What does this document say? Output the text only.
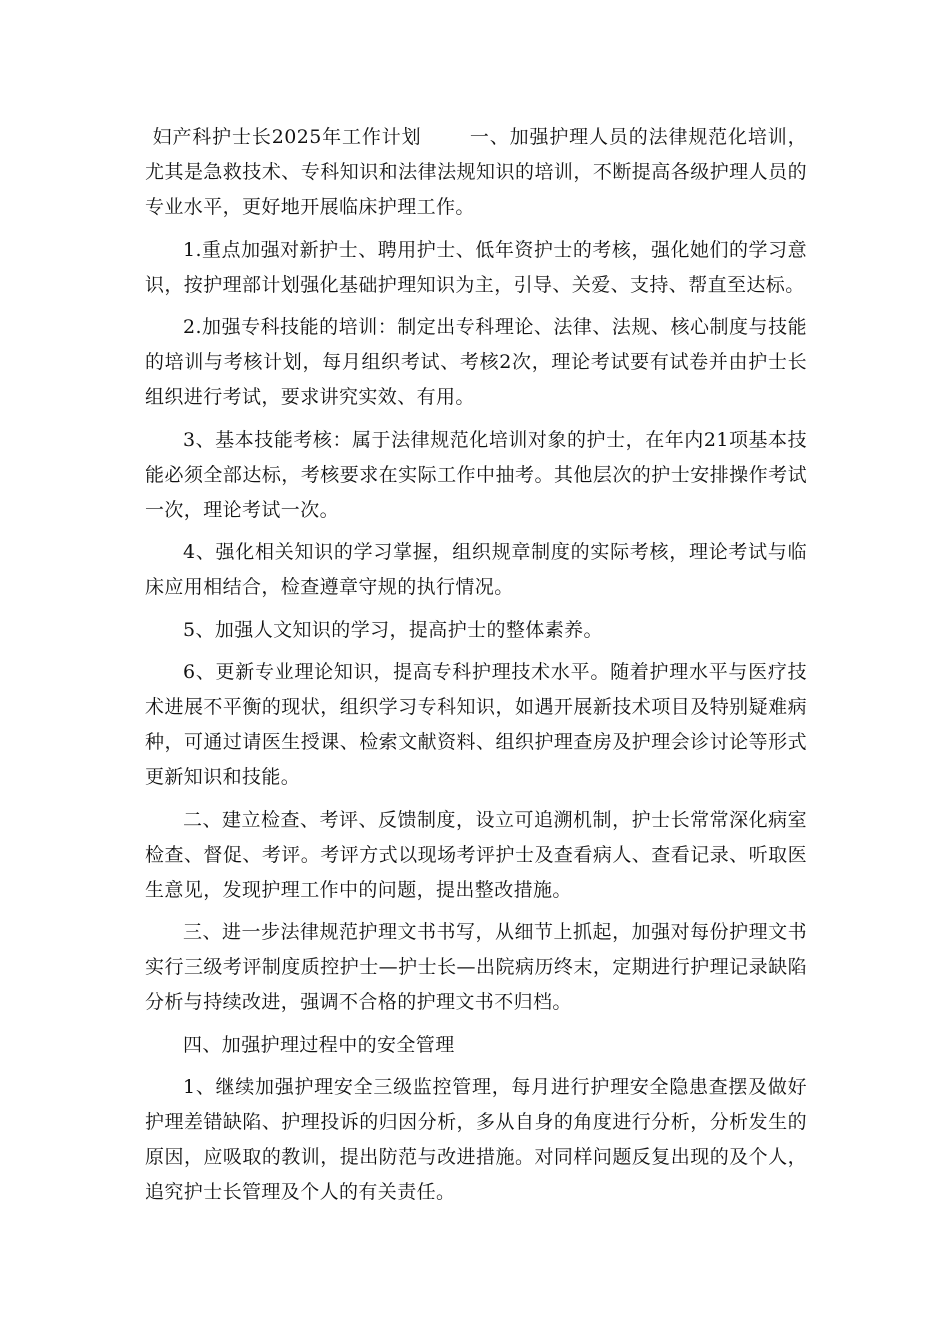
妇产科护士长2025年工作计划	一、加强护理人员的法律规范化培训，尤其是急救技术、专科知识和法律法规知识的培训，不断提高各级护理人员的专业水平，更好地开展临床护理工作。

1.重点加强对新护士、聘用护士、低年资护士的考核，强化她们的学习意识，按护理部计划强化基础护理知识为主，引导、关爱、支持、帮直至达标。

2.加强专科技能的培训：制定出专科理论、法律、法规、核心制度与技能的培训与考核计划，每月组织考试、考核2次，理论考试要有试卷并由护士长组织进行考试，要求讲究实效、有用。

3、基本技能考核：属于法律规范化培训对象的护士，在年内21项基本技能必须全部达标，考核要求在实际工作中抽考。其他层次的护士安排操作考试一次，理论考试一次。

4、强化相关知识的学习掌握，组织规章制度的实际考核，理论考试与临床应用相结合，检查遵章守规的执行情况。

5、加强人文知识的学习，提高护士的整体素养。

6、更新专业理论知识，提高专科护理技术水平。随着护理水平与医疗技术进展不平衡的现状，组织学习专科知识，如遇开展新技术项目及特别疑难病种，可通过请医生授课、检索文献资料、组织护理查房及护理会诊讨论等形式更新知识和技能。

二、建立检查、考评、反馈制度，设立可追溯机制，护士长常常深化病室检查、督促、考评。考评方式以现场考评护士及查看病人、查看记录、听取医生意见，发现护理工作中的问题，提出整改措施。

三、进一步法律规范护理文书书写，从细节上抓起，加强对每份护理文书实行三级考评制度质控护士—护士长—出院病历终末，定期进行护理记录缺陷分析与持续改进，强调不合格的护理文书不归档。

四、加强护理过程中的安全管理

1、继续加强护理安全三级监控管理，每月进行护理安全隐患查摆及做好护理差错缺陷、护理投诉的归因分析，多从自身的角度进行分析，分析发生的原因，应吸取的教训，提出防范与改进措施。对同样问题反复出现的及个人，追究护士长管理及个人的有关责任。
